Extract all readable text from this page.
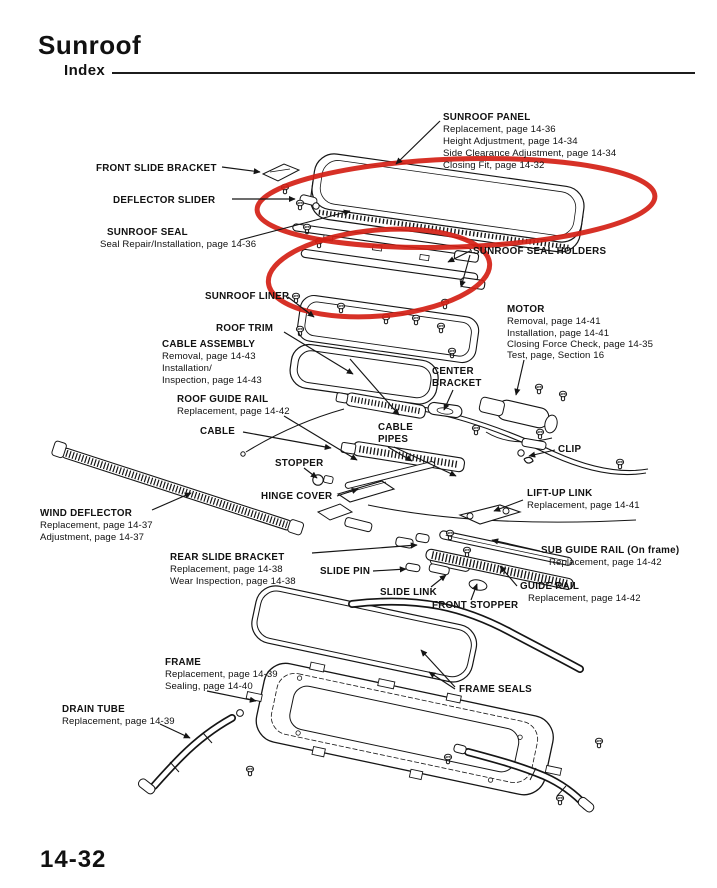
Sunroof
Index
SUNROOF PANEL
Replacement, page 14-36
Height Adjustment, page 14-34
Side Clearance Adjustment, page 14-34
Closing Fit, page 14-32
FRONT SLIDE BRACKET
DEFLECTOR SLIDER
SUNROOF SEAL
Seal Repair/Installation, page 14-36
SUNROOF SEAL HOLDERS
SUNROOF LINER
MOTOR
Removal, page 14-41
Installation, page 14-41
Closing Force Check, page 14-35
Test, page, Section 16
ROOF TRIM
CABLE ASSEMBLY
Removal, page 14-43
Installation/
Inspection, page 14-43
CENTER
BRACKET
ROOF GUIDE RAIL
Replacement, page 14-42
CABLE	CABLE
PIPES
CLIP
STOPPER
HINGE COVER	LIFT-UP LINK
Replacement, page 14-41
WIND DEFLECTOR
Replacement, page 14-37
Adjustment, page 14-37
REAR SLIDE BRACKET
Replacement, page 14-38
Wear Inspection, page 14-38
SLIDE PIN
SUB GUIDE RAIL (On frame)
Replacement, page 14-42
SLIDE LINK
FRONT STOPPER
GUIDE RAIL
Replacement, page 14-42
FRAME
Replacement, page 14-39
Sealing, page 14-40	FRAME SEALS
DRAIN TUBE
Replacement, page 14-39
14-32
